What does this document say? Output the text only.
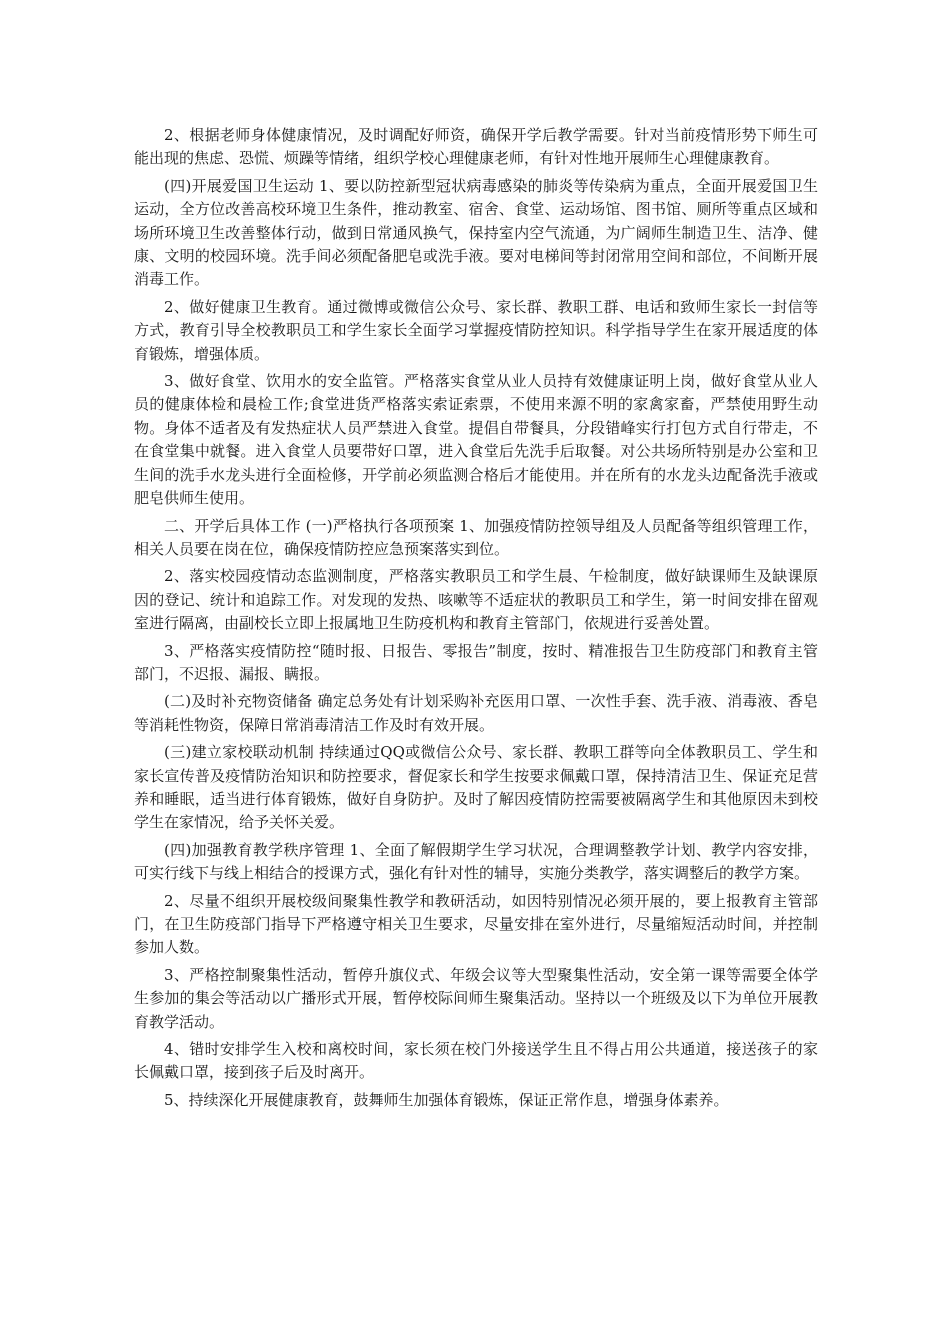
2、根据老师身体健康情况，及时调配好师资，确保开学后教学需要。针对当前疫情形势下师生可能出现的焦虑、恐慌、烦躁等情绪，组织学校心理健康老师，有针对性地开展师生心理健康教育。

(四)开展爱国卫生运动 1、要以防控新型冠状病毒感染的肺炎等传染病为重点，全面开展爱国卫生运动，全方位改善高校环境卫生条件，推动教室、宿舍、食堂、运动场馆、图书馆、厕所等重点区域和场所环境卫生改善整体行动，做到日常通风换气，保持室内空气流通，为广阔师生制造卫生、洁净、健康、文明的校园环境。洗手间必须配备肥皂或洗手液。要对电梯间等封闭常用空间和部位，不间断开展消毒工作。

2、做好健康卫生教育。通过微博或微信公众号、家长群、教职工群、电话和致师生家长一封信等方式，教育引导全校教职员工和学生家长全面学习掌握疫情防控知识。科学指导学生在家开展适度的体育锻炼，增强体质。

3、做好食堂、饮用水的安全监管。严格落实食堂从业人员持有效健康证明上岗，做好食堂从业人员的健康体检和晨检工作;食堂进货严格落实索证索票，不使用来源不明的家禽家畜，严禁使用野生动物。身体不适者及有发热症状人员严禁进入食堂。提倡自带餐具，分段错峰实行打包方式自行带走，不在食堂集中就餐。进入食堂人员要带好口罩，进入食堂后先洗手后取餐。对公共场所特别是办公室和卫生间的洗手水龙头进行全面检修，开学前必须监测合格后才能使用。并在所有的水龙头边配备洗手液或肥皂供师生使用。

二、开学后具体工作 (一)严格执行各项预案 1、加强疫情防控领导组及人员配备等组织管理工作，相关人员要在岗在位，确保疫情防控应急预案落实到位。

2、落实校园疫情动态监测制度，严格落实教职员工和学生晨、午检制度，做好缺课师生及缺课原因的登记、统计和追踪工作。对发现的发热、咳嗽等不适症状的教职员工和学生，第一时间安排在留观室进行隔离，由副校长立即上报属地卫生防疫机构和教育主管部门，依规进行妥善处置。

3、严格落实疫情防控“随时报、日报告、零报告”制度，按时、精准报告卫生防疫部门和教育主管部门，不迟报、漏报、瞒报。

(二)及时补充物资储备 确定总务处有计划采购补充医用口罩、一次性手套、洗手液、消毒液、香皂等消耗性物资，保障日常消毒清洁工作及时有效开展。

(三)建立家校联动机制 持续通过QQ或微信公众号、家长群、教职工群等向全体教职员工、学生和家长宣传普及疫情防治知识和防控要求，督促家长和学生按要求佩戴口罩，保持清洁卫生、保证充足营养和睡眠，适当进行体育锻炼，做好自身防护。及时了解因疫情防控需要被隔离学生和其他原因未到校学生在家情况，给予关怀关爱。

(四)加强教育教学秩序管理 1、全面了解假期学生学习状况，合理调整教学计划、教学内容安排，可实行线下与线上相结合的授课方式，强化有针对性的辅导，实施分类教学，落实调整后的教学方案。

2、尽量不组织开展校级间聚集性教学和教研活动，如因特别情况必须开展的，要上报教育主管部门，在卫生防疫部门指导下严格遵守相关卫生要求，尽量安排在室外进行，尽量缩短活动时间，并控制参加人数。

3、严格控制聚集性活动，暂停升旗仪式、年级会议等大型聚集性活动，安全第一课等需要全体学生参加的集会等活动以广播形式开展，暂停校际间师生聚集活动。坚持以一个班级及以下为单位开展教育教学活动。

4、错时安排学生入校和离校时间，家长须在校门外接送学生且不得占用公共通道，接送孩子的家长佩戴口罩，接到孩子后及时离开。

5、持续深化开展健康教育，鼓舞师生加强体育锻炼，保证正常作息，增强身体素养。
